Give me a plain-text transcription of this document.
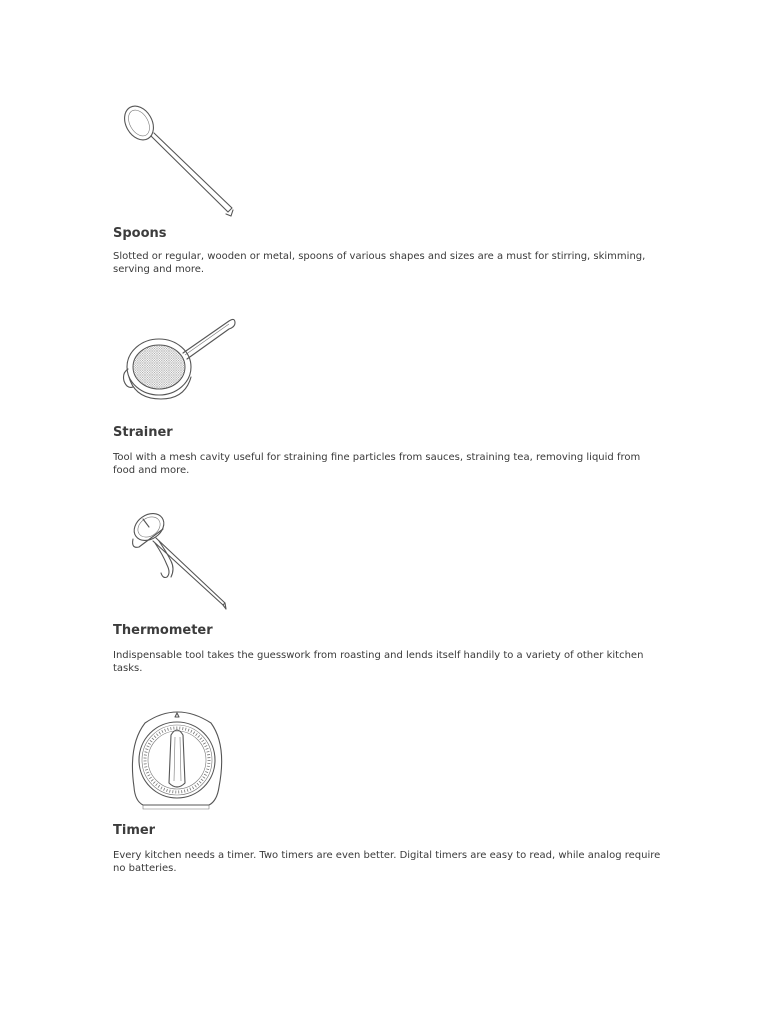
Spoons

Slotted or regular, wooden or metal, spoons of various shapes and sizes are a must for stirring, skimming, serving and more.

Strainer

Tool with a mesh cavity useful for straining fine particles from sauces, straining tea, removing liquid from food and more.

Thermometer

Indispensable tool takes the guesswork from roasting and lends itself handily to a variety of other kitchen tasks.

Timer

Every kitchen needs a timer. Two timers are even better. Digital timers are easy to read, while analog require no batteries.
